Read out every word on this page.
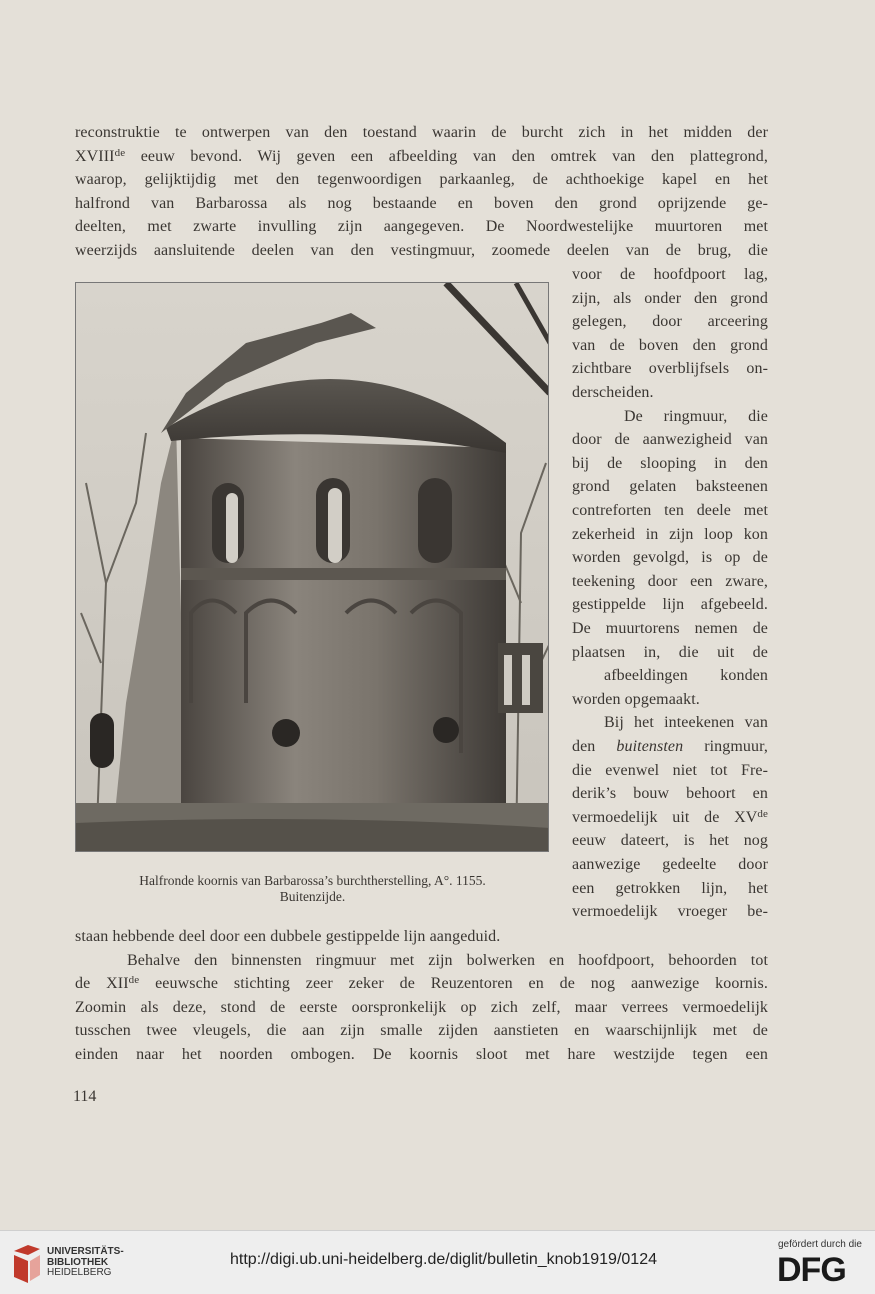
reconstruktie te ontwerpen van den toestand waarin de burcht zich in het midden der
XVIIIde eeuw bevond. Wij geven een afbeelding van den omtrek van den plattegrond,
waarop, gelijktijdig met den tegenwoordigen parkaanleg, de achthoekige kapel en het
halfrond van Barbarossa als nog bestaande en boven den grond oprijzende ge-
deelten, met zwarte invulling zijn aangegeven. De Noordwestelijke muurtoren met
weerzijds aansluitende deelen van den vestingmuur, zoomede deelen van de brug, die
voor de hoofdpoort lag,
zijn, als onder den grond
gelegen, door arceering
van de boven den grond
zichtbare overblijfsels on-
derscheiden.
De ringmuur, die
door de aanwezigheid van
bij de slooping in den
grond gelaten baksteenen
contreforten ten deele met
zekerheid in zijn loop kon
worden gevolgd, is op de
teekening door een zware,
gestippelde lijn afgebeeld.
De muurtorens nemen de
plaatsen in, die uit de
afbeeldingen konden
worden opgemaakt.
Bij het inteekenen van
den buitensten ringmuur,
die evenwel niet tot Fre-
derik’s bouw behoort en
vermoedelijk uit de XVde
eeuw dateert, is het nog
aanwezige gedeelte door
een getrokken lijn, het
vermoedelijk vroeger be-
staan hebbende deel door een dubbele gestippelde lijn aangeduid.
Behalve den binnensten ringmuur met zijn bolwerken en hoofdpoort, behoorden tot
de XIIde eeuwsche stichting zeer zeker de Reuzentoren en de nog aanwezige koornis.
Zoomin als deze, stond de eerste oorspronkelijk op zich zelf, maar verrees vermoedelijk
tusschen twee vleugels, die aan zijn smalle zijden aanstieten en waarschijnlijk met de
einden naar het noorden ombogen. De koornis sloot met hare westzijde tegen een
Halfronde koornis van Barbarossa’s burchtherstelling, A°. 1155.
Buitenzijde.
114
UNIVERSITÄTS-
BIBLIOTHEK
HEIDELBERG
http://digi.ub.uni-heidelberg.de/diglit/bulletin_knob1919/0124
gefördert durch die
DFG
